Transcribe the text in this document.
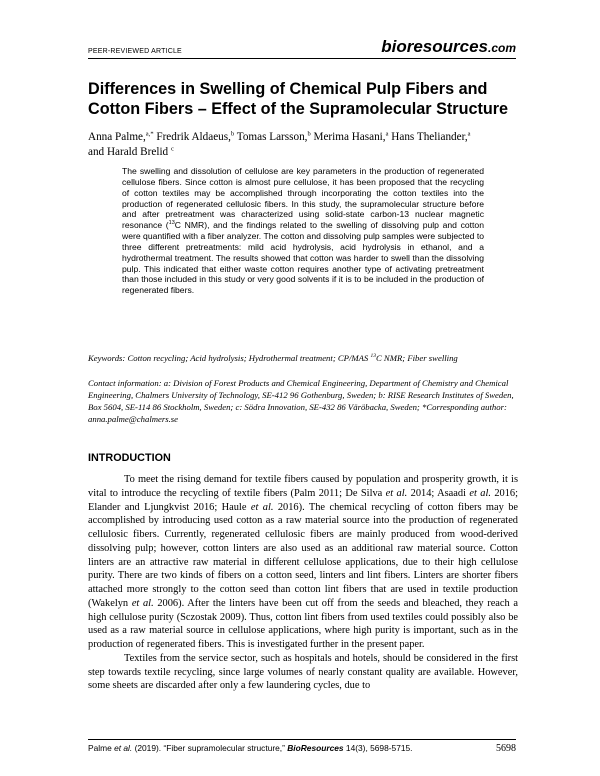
PEER-REVIEWED ARTICLE	bioresources.com
Differences in Swelling of Chemical Pulp Fibers and Cotton Fibers – Effect of the Supramolecular Structure
Anna Palme,$^{a,*}$ Fredrik Aldaeus,$^b$ Tomas Larsson,$^b$ Merima Hasani,$^a$ Hans Theliander,$^a$
and Harald Brelid $^c$
The swelling and dissolution of cellulose are key parameters in the production of regenerated cellulose fibers. Since cotton is almost pure cellulose, it has been proposed that the recycling of cotton textiles may be accomplished through incorporating the cotton textiles into the production of regenerated cellulosic fibers. In this study, the supramolecular structure before and after pretreatment was characterized using solid-state carbon-13 nuclear magnetic resonance ($^{13}$C NMR), and the findings related to the swelling of dissolving pulp and cotton were quantified with a fiber analyzer. The cotton and dissolving pulp samples were subjected to three different pretreatments: mild acid hydrolysis, acid hydrolysis in ethanol, and a hydrothermal treatment. The results showed that cotton was harder to swell than the dissolving pulp. This indicated that either waste cotton requires another type of activating pretreatment than those included in this study or very good solvents if it is to be included in the production of regenerated fibers.
Keywords: Cotton recycling; Acid hydrolysis; Hydrothermal treatment; CP/MAS $^{13}$C NMR; Fiber swelling
Contact information: a: Division of Forest Products and Chemical Engineering, Department of Chemistry and Chemical Engineering, Chalmers University of Technology, SE-412 96 Gothenburg, Sweden; b: RISE Research Institutes of Sweden, Box 5604, SE-114 86 Stockholm, Sweden; c: Södra Innovation, SE-432 86 Väröbacka, Sweden; *Corresponding author: anna.palme@chalmers.se
INTRODUCTION

To meet the rising demand for textile fibers caused by population and prosperity growth, it is vital to introduce the recycling of textile fibers (Palm 2011; De Silva et al. 2014; Asaadi et al. 2016; Elander and Ljungkvist 2016; Haule et al. 2016). The chemical recycling of cotton fibers may be accomplished by introducing used cotton as a raw material source into the production of regenerated cellulosic fibers. Currently, regenerated cellulosic fibers are mainly produced from wood-derived dissolving pulp; however, cotton linters are also used as an additional raw material source. Cotton linters are an attractive raw material in different cellulose applications, due to their high cellulose purity. There are two kinds of fibers on a cotton seed, linters and lint fibers. Linters are shorter fibers attached more strongly to the cotton seed than cotton lint fibers that are used in textile production (Wakelyn et al. 2006). After the linters have been cut off from the seeds and bleached, they reach a high cellulose purity (Sczostak 2009). Thus, cotton lint fibers from used textiles could possibly also be used as a raw material source in cellulose applications, where high purity is important, such as in the production of regenerated fibers. This is investigated further in the present paper.

Textiles from the service sector, such as hospitals and hotels, should be considered in the first step towards textile recycling, since large volumes of nearly constant quality are available. However, some sheets are discarded after only a few laundering cycles, due to

Palme et al. (2019). “Fiber supramolecular structure,” BioResources 14(3), 5698-5715.	5698
